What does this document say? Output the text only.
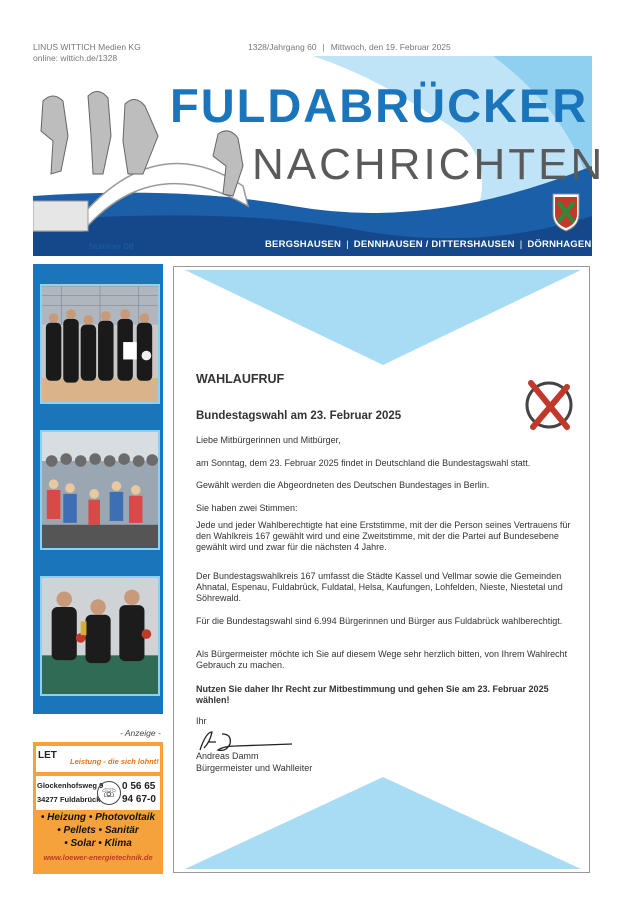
LINUS WITTICH Medien KG
online: wittich.de/1328
1328/Jahrgang 60 | Mittwoch, den 19. Februar 2025
FULDABRÜCKER
NACHRICHTEN
Nummer 08	BERGSHAUSEN | DENNHAUSEN / DITTERSHAUSEN | DÖRNHAGEN
- Anzeige -
LET
Leistung - die sich lohnt!
Glockenhofsweg 9
34277 Fuldabrück ☏ 0 56 65
94 67-0
• Heizung • Photovoltaik
• Pellets • Sanitär
• Solar • Klima
www.loewer-energietechnik.de
WAHLAUFRUF
Bundestagswahl am 23. Februar 2025
Liebe Mitbürgerinnen und Mitbürger,
am Sonntag, dem 23. Februar 2025 findet in Deutschland die Bundestagswahl statt.
Gewählt werden die Abgeordneten des Deutschen Bundestages in Berlin.
Sie haben zwei Stimmen:
Jede und jeder Wahlberechtigte hat eine Erststimme, mit der die Person seines Vertrauens für den Wahlkreis 167 gewählt wird und eine Zweitstimme, mit der die Partei auf Bundesebene gewählt wird und zwar für die nächsten 4 Jahre.
Der Bundestagswahlkreis 167 umfasst die Städte Kassel und Vellmar sowie die Gemeinden Ahnatal, Espenau, Fuldabrück, Fuldatal, Helsa, Kaufungen, Lohfelden, Nieste, Niestetal und Söhrewald.
Für die Bundestagswahl sind 6.994 Bürgerinnen und Bürger aus Fuldabrück wahlberechtigt.
Als Bürgermeister möchte ich Sie auf diesem Wege sehr herzlich bitten, von Ihrem Wahlrecht Gebrauch zu machen.
Nutzen Sie daher Ihr Recht zur Mitbestimmung und gehen Sie am 23. Februar 2025 wählen!
Ihr
Andreas Damm
Bürgermeister und Wahlleiter
